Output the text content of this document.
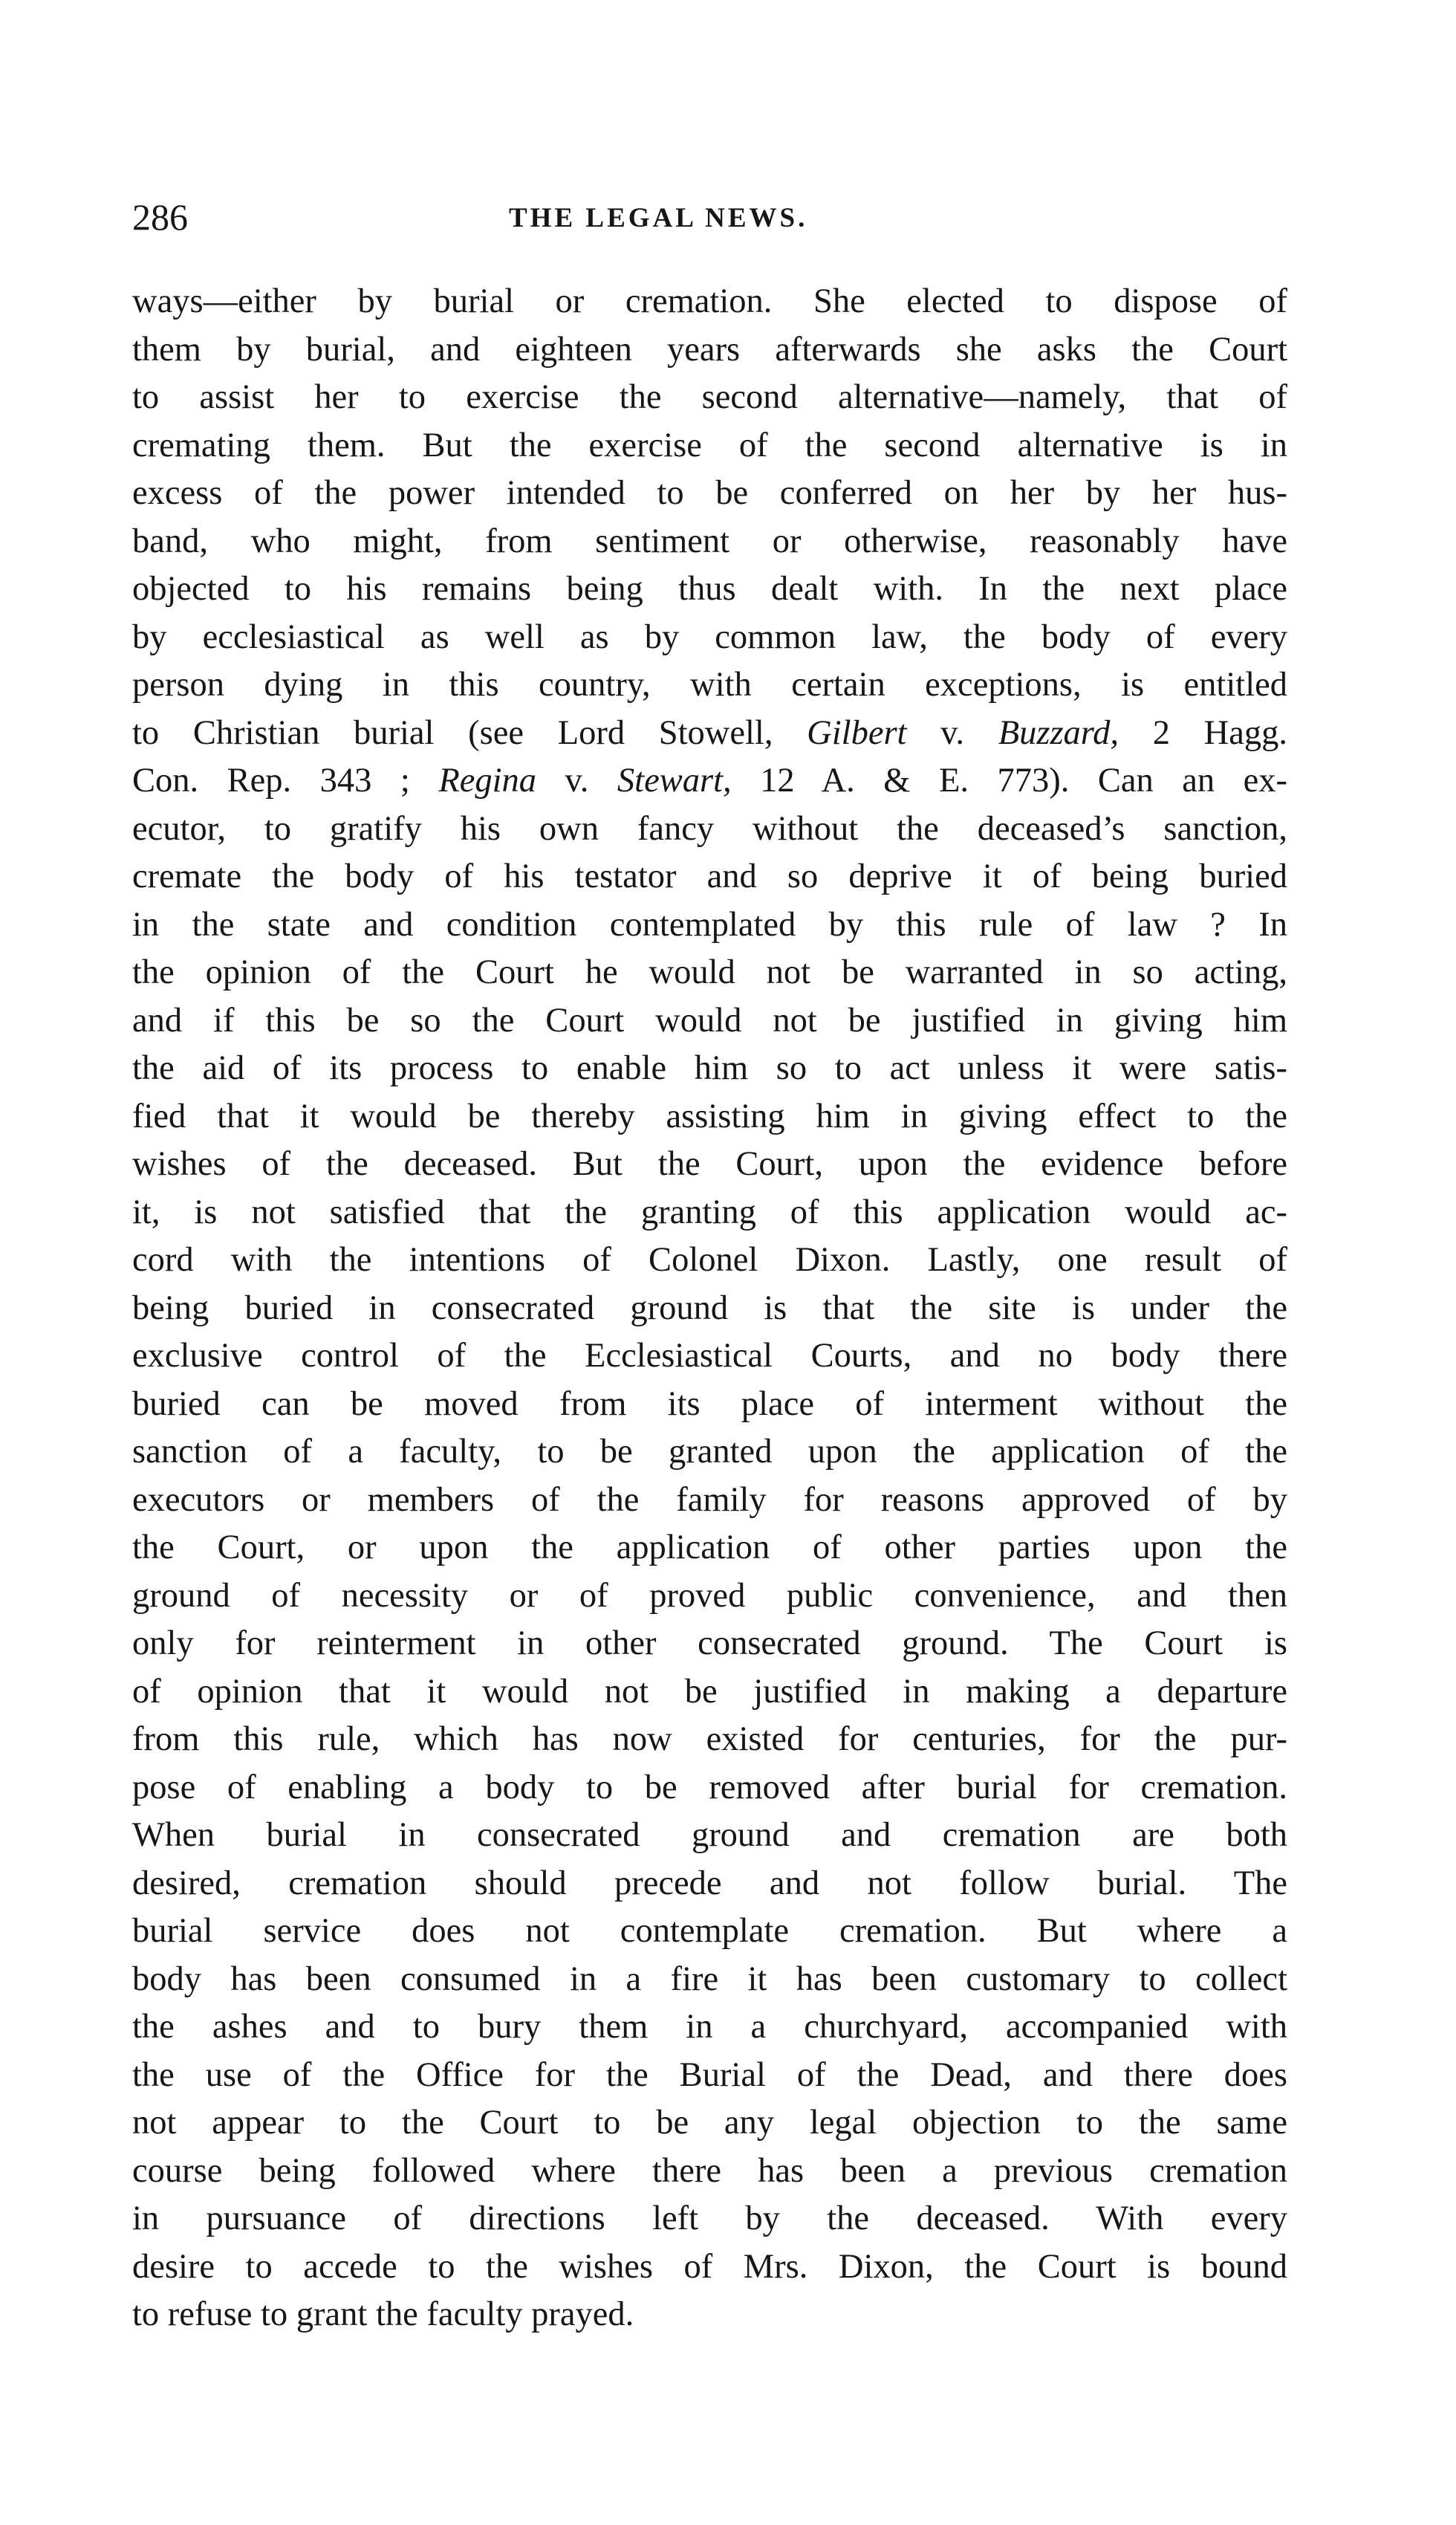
286	THE LEGAL NEWS.
ways—either by burial or cremation. She elected to dispose of
them by burial, and eighteen years afterwards she asks the Court
to assist her to exercise the second alternative—namely, that of
cremating them. But the exercise of the second alternative is in
excess of the power intended to be conferred on her by her hus-
band, who might, from sentiment or otherwise, reasonably have
objected to his remains being thus dealt with. In the next place
by ecclesiastical as well as by common law, the body of every
person dying in this country, with certain exceptions, is entitled
to Christian burial (see Lord Stowell, Gilbert v. Buzzard, 2 Hagg.
Con. Rep. 343 ; Regina v. Stewart, 12 A. & E. 773). Can an ex-
ecutor, to gratify his own fancy without the deceased’s sanction,
cremate the body of his testator and so deprive it of being buried
in the state and condition contemplated by this rule of law ? In
the opinion of the Court he would not be warranted in so acting,
and if this be so the Court would not be justified in giving him
the aid of its process to enable him so to act unless it were satis-
fied that it would be thereby assisting him in giving effect to the
wishes of the deceased. But the Court, upon the evidence before
it, is not satisfied that the granting of this application would ac-
cord with the intentions of Colonel Dixon. Lastly, one result of
being buried in consecrated ground is that the site is under the
exclusive control of the Ecclesiastical Courts, and no body there
buried can be moved from its place of interment without the
sanction of a faculty, to be granted upon the application of the
executors or members of the family for reasons approved of by
the Court, or upon the application of other parties upon the
ground of necessity or of proved public convenience, and then
only for reinterment in other consecrated ground. The Court is
of opinion that it would not be justified in making a departure
from this rule, which has now existed for centuries, for the pur-
pose of enabling a body to be removed after burial for cremation.
When burial in consecrated ground and cremation are both
desired, cremation should precede and not follow burial. The
burial service does not contemplate cremation. But where a
body has been consumed in a fire it has been customary to collect
the ashes and to bury them in a churchyard, accompanied with
the use of the Office for the Burial of the Dead, and there does
not appear to the Court to be any legal objection to the same
course being followed where there has been a previous cremation
in pursuance of directions left by the deceased. With every
desire to accede to the wishes of Mrs. Dixon, the Court is bound
to refuse to grant the faculty prayed.
